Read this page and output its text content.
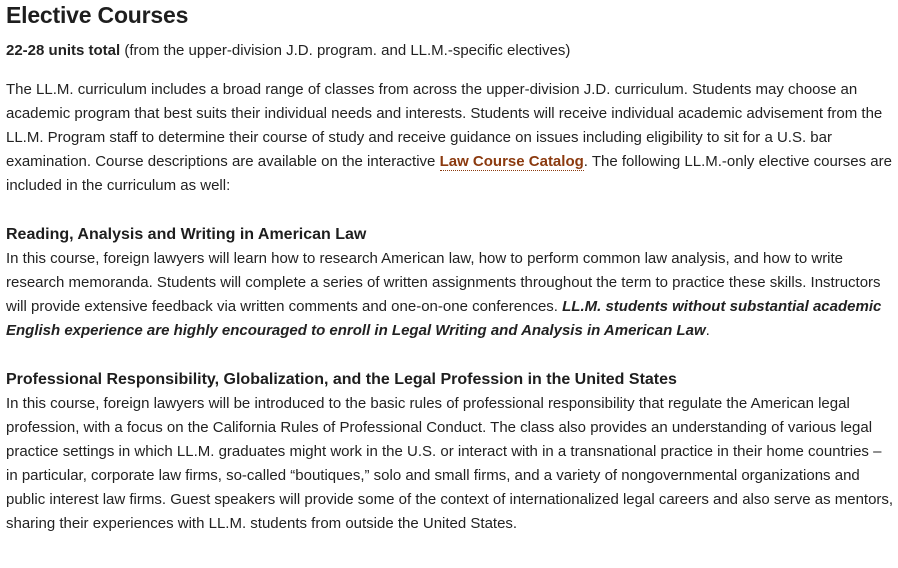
Elective Courses

22-28 units total (from the upper-division J.D. program. and LL.M.-specific electives)

The LL.M. curriculum includes a broad range of classes from across the upper-division J.D. curriculum. Students may choose an academic program that best suits their individual needs and interests. Students will receive individual academic advisement from the LL.M. Program staff to determine their course of study and receive guidance on issues including eligibility to sit for a U.S. bar examination. Course descriptions are available on the interactive Law Course Catalog. The following LL.M.-only elective courses are included in the curriculum as well:

Reading, Analysis and Writing in American Law

In this course, foreign lawyers will learn how to research American law, how to perform common law analysis, and how to write research memoranda. Students will complete a series of written assignments throughout the term to practice these skills. Instructors will provide extensive feedback via written comments and one-on-one conferences. LL.M. students without substantial academic English experience are highly encouraged to enroll in Legal Writing and Analysis in American Law.

Professional Responsibility, Globalization, and the Legal Profession in the United States

In this course, foreign lawyers will be introduced to the basic rules of professional responsibility that regulate the American legal profession, with a focus on the California Rules of Professional Conduct. The class also provides an understanding of various legal practice settings in which LL.M. graduates might work in the U.S. or interact with in a transnational practice in their home countries – in particular, corporate law firms, so-called “boutiques,” solo and small firms, and a variety of nongovernmental organizations and public interest law firms. Guest speakers will provide some of the context of internationalized legal careers and also serve as mentors, sharing their experiences with LL.M. students from outside the United States.
